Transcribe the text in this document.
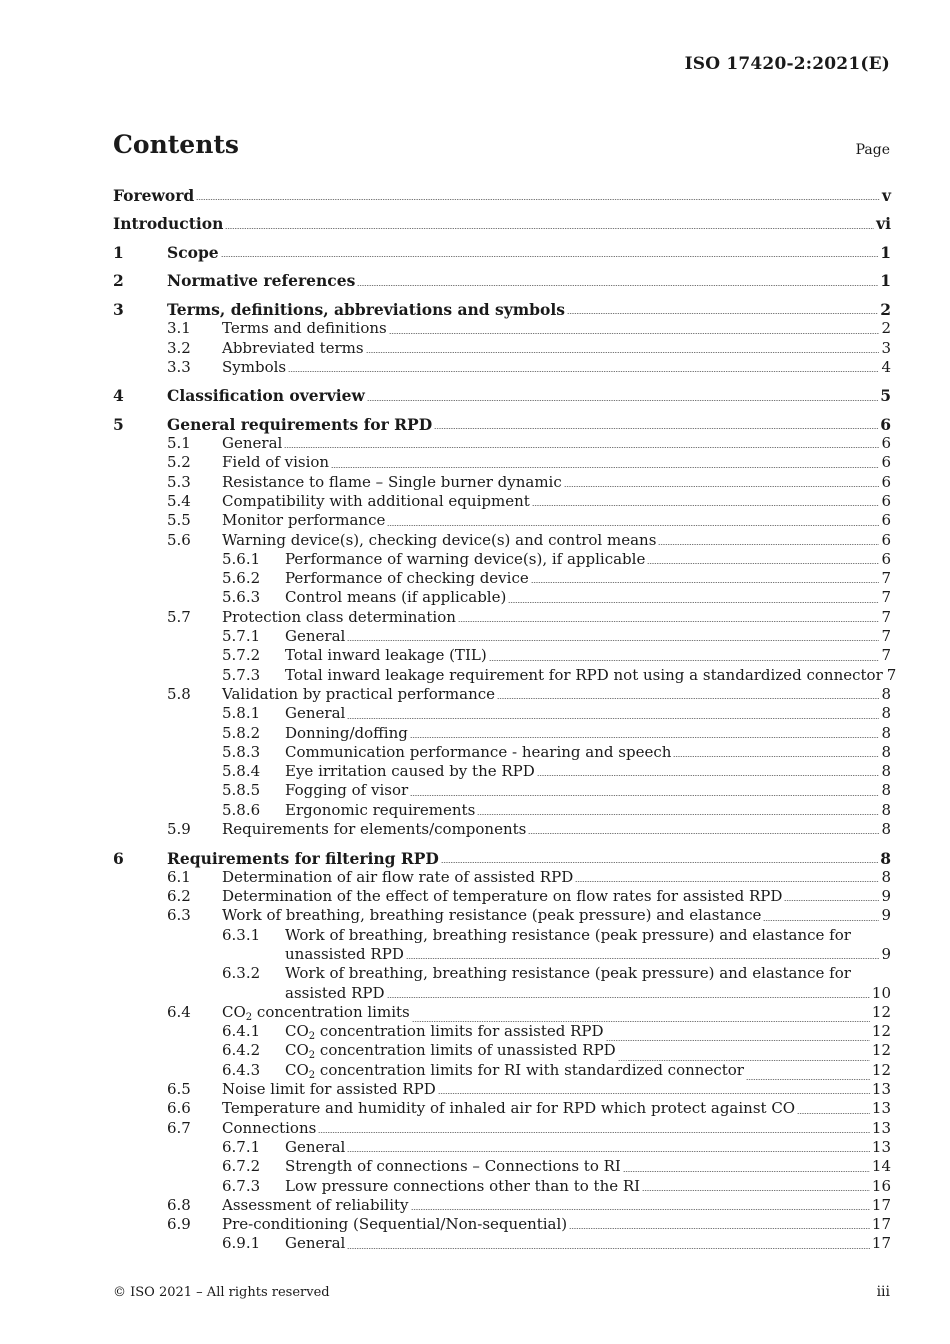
ISO 17420-2:2021(E)
Contents	Page
Foreword	v
Introduction	vi
1	Scope	1
2	Normative references	1
3	Terms, definitions, abbreviations and symbols	2
3.1 Terms and definitions	2
3.2 Abbreviated terms	3
3.3 Symbols	4
4	Classification overview	5
5	General requirements for RPD	6
5.1 General	6
5.2 Field of vision	6
5.3 Resistance to flame – Single burner dynamic	6
5.4 Compatibility with additional equipment	6
5.5 Monitor performance	6
5.6 Warning device(s), checking device(s) and control means	6
5.6.1 Performance of warning device(s), if applicable	6
5.6.2 Performance of checking device	7
5.6.3 Control means (if applicable)	7
5.7 Protection class determination	7
5.7.1 General	7
5.7.2 Total inward leakage (TIL)	7
5.7.3 Total inward leakage requirement for RPD not using a standardized connector 7
5.8 Validation by practical performance	8
5.8.1 General	8
5.8.2 Donning/doffing	8
5.8.3 Communication performance - hearing and speech	8
5.8.4 Eye irritation caused by the RPD	8
5.8.5 Fogging of visor	8
5.8.6 Ergonomic requirements	8
5.9 Requirements for elements/components	8
6	Requirements for filtering RPD	8
6.1 Determination of air flow rate of assisted RPD	8
6.2 Determination of the effect of temperature on flow rates for assisted RPD	9
6.3 Work of breathing, breathing resistance (peak pressure) and elastance	9
6.3.1 Work of breathing, breathing resistance (peak pressure) and elastance for
unassisted RPD	9
6.3.2 Work of breathing, breathing resistance (peak pressure) and elastance for
assisted RPD	10
6.4 $CO_2$ concentration limits	12
6.4.1 $CO_2$ concentration limits for assisted RPD	12
6.4.2 $CO_2$ concentration limits of unassisted RPD	12
6.4.3 $CO_2$ concentration limits for RI with standardized connector	12
6.5 Noise limit for assisted RPD	13
6.6 Temperature and humidity of inhaled air for RPD which protect against CO	13
6.7 Connections	13
6.7.1 General	13
6.7.2 Strength of connections – Connections to RI	14
6.7.3 Low pressure connections other than to the RI	16
6.8 Assessment of reliability	17
6.9 Pre-conditioning (Sequential/Non-sequential)	17
6.9.1 General	17
© ISO 2021 – All rights reserved	iii
